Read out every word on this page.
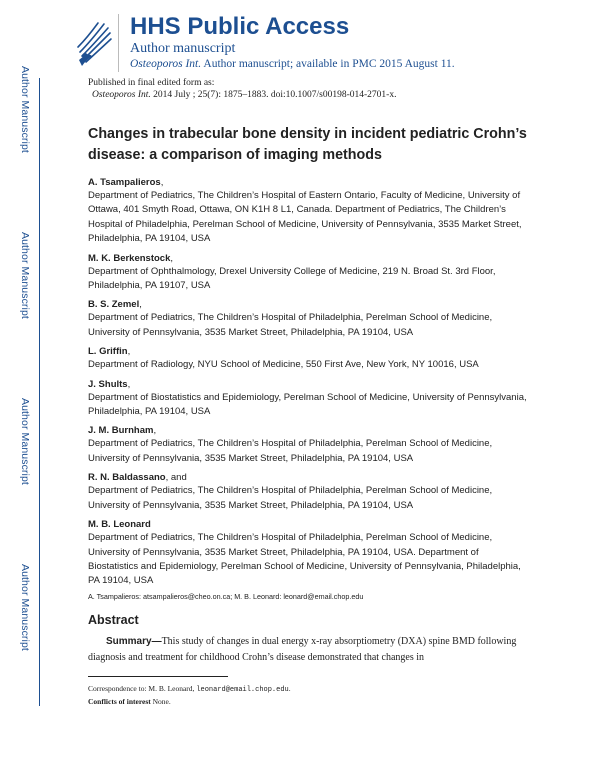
Author Manuscript
Author Manuscript
Author Manuscript
Author Manuscript
HHS Public Access
Author manuscript
Osteoporos Int. Author manuscript; available in PMC 2015 August 11.
Published in final edited form as:
Osteoporos Int. 2014 July ; 25(7): 1875–1883. doi:10.1007/s00198-014-2701-x.
Changes in trabecular bone density in incident pediatric Crohn’s disease: a comparison of imaging methods
A. Tsampalieros,
Department of Pediatrics, The Children’s Hospital of Eastern Ontario, Faculty of Medicine, University of Ottawa, 401 Smyth Road, Ottawa, ON K1H 8 L1, Canada. Department of Pediatrics, The Children’s Hospital of Philadelphia, Perelman School of Medicine, University of Pennsylvania, 3535 Market Street, Philadelphia, PA 19104, USA
M. K. Berkenstock,
Department of Ophthalmology, Drexel University College of Medicine, 219 N. Broad St. 3rd Floor, Philadelphia, PA 19107, USA
B. S. Zemel,
Department of Pediatrics, The Children’s Hospital of Philadelphia, Perelman School of Medicine, University of Pennsylvania, 3535 Market Street, Philadelphia, PA 19104, USA
L. Griffin,
Department of Radiology, NYU School of Medicine, 550 First Ave, New York, NY 10016, USA
J. Shults,
Department of Biostatistics and Epidemiology, Perelman School of Medicine, University of Pennsylvania, Philadelphia, PA 19104, USA
J. M. Burnham,
Department of Pediatrics, The Children’s Hospital of Philadelphia, Perelman School of Medicine, University of Pennsylvania, 3535 Market Street, Philadelphia, PA 19104, USA
R. N. Baldassano, and
Department of Pediatrics, The Children’s Hospital of Philadelphia, Perelman School of Medicine, University of Pennsylvania, 3535 Market Street, Philadelphia, PA 19104, USA
M. B. Leonard
Department of Pediatrics, The Children’s Hospital of Philadelphia, Perelman School of Medicine, University of Pennsylvania, 3535 Market Street, Philadelphia, PA 19104, USA. Department of Biostatistics and Epidemiology, Perelman School of Medicine, University of Pennsylvania, Philadelphia, PA 19104, USA
A. Tsampalieros: atsampalieros@cheo.on.ca; M. B. Leonard: leonard@email.chop.edu
Abstract
Summary—This study of changes in dual energy x-ray absorptiometry (DXA) spine BMD following diagnosis and treatment for childhood Crohn’s disease demonstrated that changes in
Correspondence to: M. B. Leonard, leonard@email.chop.edu.
Conflicts of interest None.
